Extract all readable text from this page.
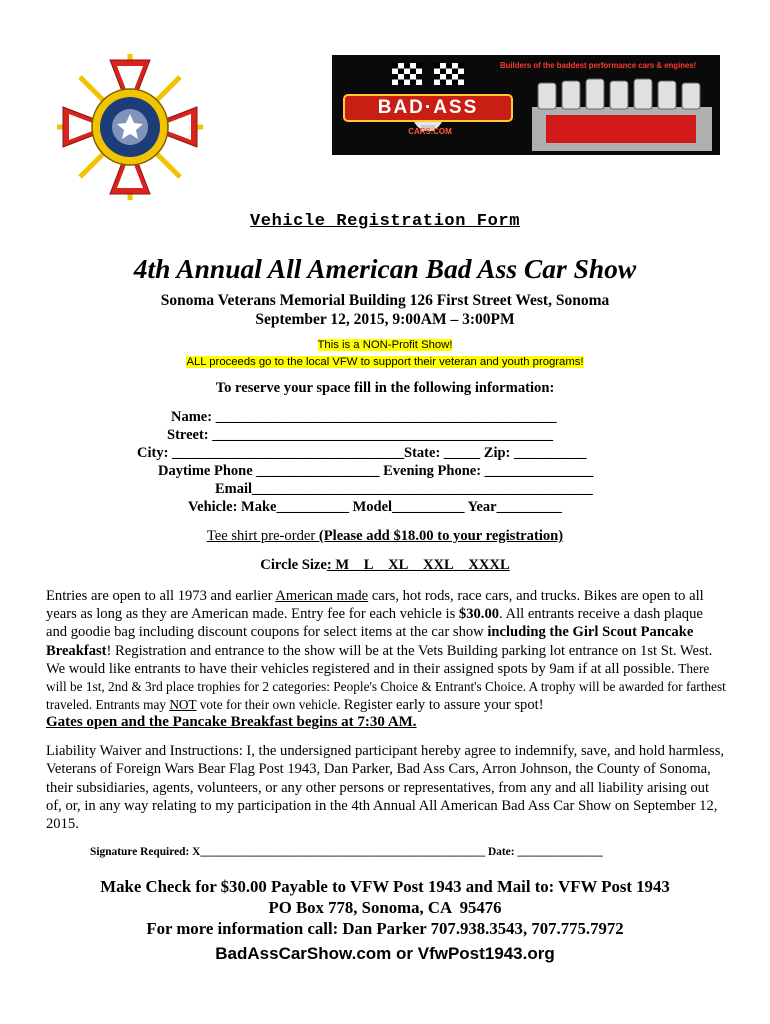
Builders of the baddest performance cars & engines!
BAD·ASS
CARS.COM
Vehicle Registration Form
4th Annual All American Bad Ass Car Show
Sonoma Veterans Memorial Building 126 First Street West, Sonoma
September 12, 2015, 9:00AM – 3:00PM
This is a NON-Profit Show!
ALL proceeds go to the local VFW to support their veteran and youth programs!
To reserve your space fill in the following information:
Name: _______________________________________________
Street: _______________________________________________
City: ________________________________State: _____ Zip: __________
Daytime Phone _________________ Evening Phone: _______________
Email_______________________________________________
Vehicle: Make__________ Model__________ Year_________
Tee shirt pre-order (Please add $18.00 to your registration)
Circle Size: M__L__XL__XXL__XXXL
Entries are open to all 1973 and earlier American made cars, hot rods, race cars, and trucks. Bikes are open to all years as long as they are American made. Entry fee for each vehicle is $30.00. All entrants receive a dash plaque and goodie bag including discount coupons for select items at the car show including the Girl Scout Pancake Breakfast! Registration and entrance to the show will be at the Vets Building parking lot entrance on 1st St. West. We would like entrants to have their vehicles registered and in their assigned spots by 9am if at all possible. There will be 1st, 2nd & 3rd place trophies for 2 categories: People's Choice & Entrant's Choice. A trophy will be awarded for farthest traveled. Entrants may NOT vote for their own vehicle. Register early to assure your spot!
Gates open and the Pancake Breakfast begins at 7:30 AM.
Liability Waiver and Instructions: I, the undersigned participant hereby agree to indemnify, save, and hold harmless, Veterans of Foreign Wars Bear Flag Post 1943, Dan Parker, Bad Ass Cars, Arron Johnson, the County of Sonoma, their subsidiaries, agents, volunteers, or any other persons or representatives, from any and all liability arising out of, or, in any way relating to my participation in the 4th Annual All American Bad Ass Car Show on September 12, 2015.
Signature Required: X__________________________________________________ Date: _______________
Make Check for $30.00 Payable to VFW Post 1943 and Mail to: VFW Post 1943
PO Box 778, Sonoma, CA  95476
For more information call: Dan Parker 707.938.3543, 707.775.7972
BadAssCarShow.com or VfwPost1943.org
